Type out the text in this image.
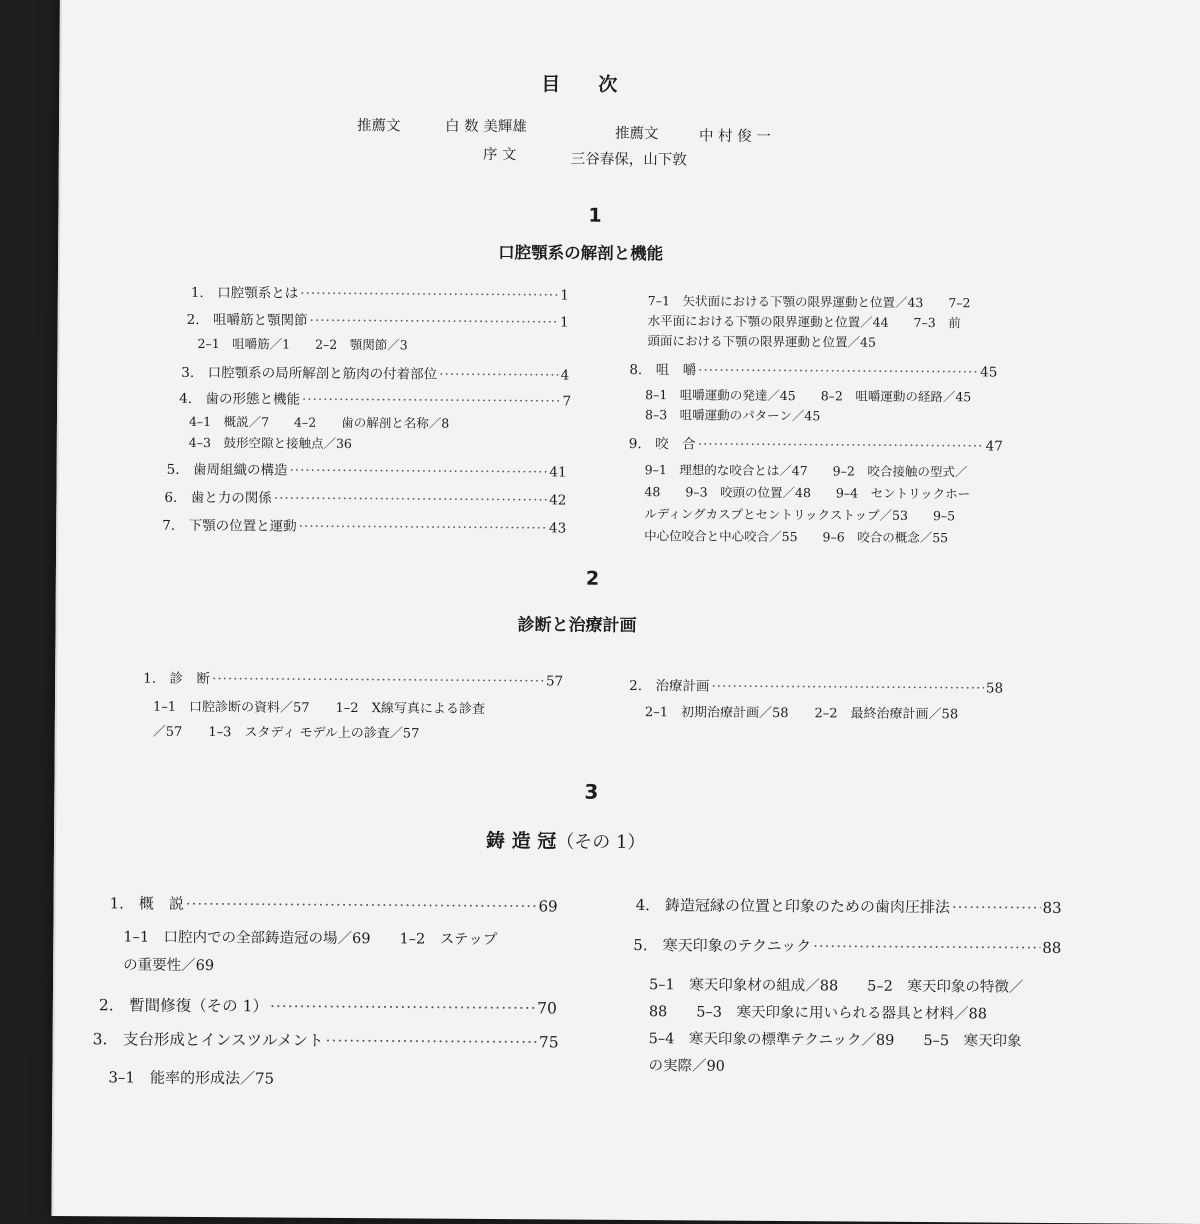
目　　次
推薦文	白 数 美輝雄	推薦文	中 村 俊 一
序 文	三谷春保，山下敦
1
口腔顎系の解剖と機能
1.　口腔顎系とは ·····	1
2.　咀嚼筋と顎関節 ·····	1
2–1　咀嚼筋／1　　2–2　顎関節／3
3.　口腔顎系の局所解剖と筋肉の付着部位 ·····	4
4.　歯の形態と機能 ·····	7
4–1　概説／7　　4–2　　歯の解剖と名称／8
4–3　鼓形空隙と接触点／36
5.　歯周組織の構造 ·····	41
6.　歯と力の関係 ·····	42
7.　下顎の位置と運動 ·····	43
7–1　矢状面における下顎の限界運動と位置／43　　7–2
水平面における下顎の限界運動と位置／44　　7–3　前
頭面における下顎の限界運動と位置／45
8.　咀　嚼 ·····	45
8–1　咀嚼運動の発達／45　　8–2　咀嚼運動の経路／45
8–3　咀嚼運動のパターン／45
9.　咬　合 ·····	47
9–1　理想的な咬合とは／47　　9–2　咬合接触の型式／
48　　9–3　咬頭の位置／48　　9–4　セントリックホー
ルディングカスプとセントリックストップ／53　　9–5
中心位咬合と中心咬合／55　　9–6　咬合の概念／55
2
診断と治療計画
1.　診　断 ·····	57
1–1　口腔診断の資料／57　　1–2　X線写真による診査
／57　　1–3　スタディ モデル上の診査／57
2.　治療計画 ·····	58
2–1　初期治療計画／58　　2–2　最終治療計画／58
3
鋳 造 冠（その 1）
1.　概　説 ·····	69
1–1　口腔内での全部鋳造冠の場／69　　1–2　ステップ
の重要性／69
2.　暫間修復（その 1） ·····	70
3.　支台形成とインスツルメント ·····	75
3–1　能率的形成法／75
4.　鋳造冠縁の位置と印象のための歯肉圧排法 ·····	83
5.　寒天印象のテクニック ·····	88
5–1　寒天印象材の組成／88　　5–2　寒天印象の特徴／
88　　5–3　寒天印象に用いられる器具と材料／88
5–4　寒天印象の標準テクニック／89　　5–5　寒天印象
の実際／90
